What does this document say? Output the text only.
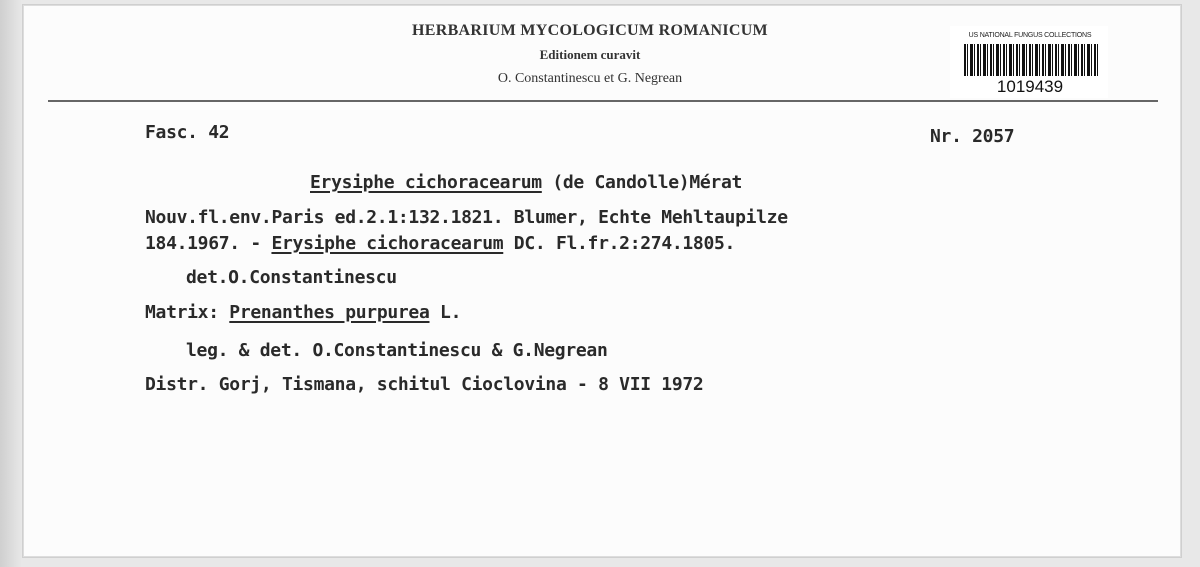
HERBARIUM MYCOLOGICUM ROMANICUM
Editionem curavit
O. Constantinescu et G. Negrean
US NATIONAL FUNGUS COLLECTIONS
1019439
Fasc. 42	Nr. 2057
Erysiphe cichoracearum (de Candolle)Mérat
Nouv.fl.env.Paris ed.2.1:132.1821. Blumer, Echte Mehltaupilze
184.1967. - Erysiphe cichoracearum DC. Fl.fr.2:274.1805.
det.O.Constantinescu
Matrix: Prenanthes purpurea L.
leg. & det. O.Constantinescu & G.Negrean
Distr. Gorj, Tismana, schitul Cioclovina - 8 VII 1972
